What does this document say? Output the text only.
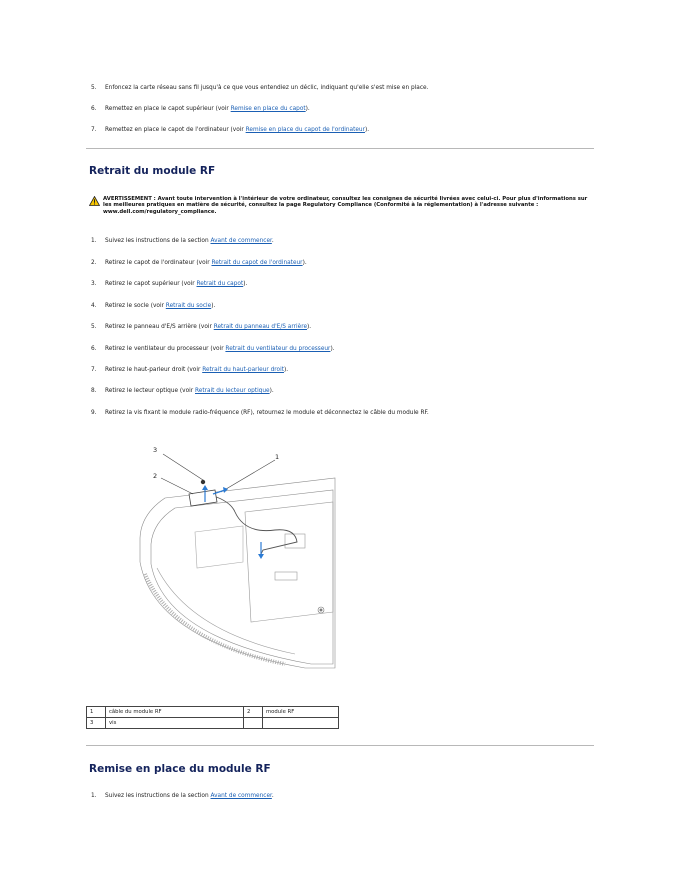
5. Enfoncez la carte réseau sans fil jusqu'à ce que vous entendiez un déclic, indiquant qu'elle s'est mise en place.
6. Remettez en place le capot supérieur (voir Remise en place du capot).
7. Remettez en place le capot de l'ordinateur (voir Remise en place du capot de l'ordinateur).
Retrait du module RF
AVERTISSEMENT : Avant toute intervention à l'intérieur de votre ordinateur, consultez les consignes de sécurité livrées avec celui-ci. Pour plus d'informations sur les meilleures pratiques en matière de sécurité, consultez la page Regulatory Compliance (Conformité à la réglementation) à l'adresse suivante : www.dell.com/regulatory_compliance.
1. Suivez les instructions de la section Avant de commencer.
2. Retirez le capot de l'ordinateur (voir Retrait du capot de l'ordinateur).
3. Retirez le capot supérieur (voir Retrait du capot).
4. Retirez le socle (voir Retrait du socle).
5. Retirez le panneau d'E/S arrière (voir Retrait du panneau d'E/S arrière).
6. Retirez le ventilateur du processeur (voir Retrait du ventilateur du processeur).
7. Retirez le haut-parleur droit (voir Retrait du haut-parleur droit).
8. Retirez le lecteur optique (voir Retrait du lecteur optique).
9. Retirez la vis fixant le module radio-fréquence (RF), retournez le module et déconnectez le câble du module RF.
3
2
1
1	câble du module RF	2	module RF
3	vis		
Remise en place du module RF
1. Suivez les instructions de la section Avant de commencer.
